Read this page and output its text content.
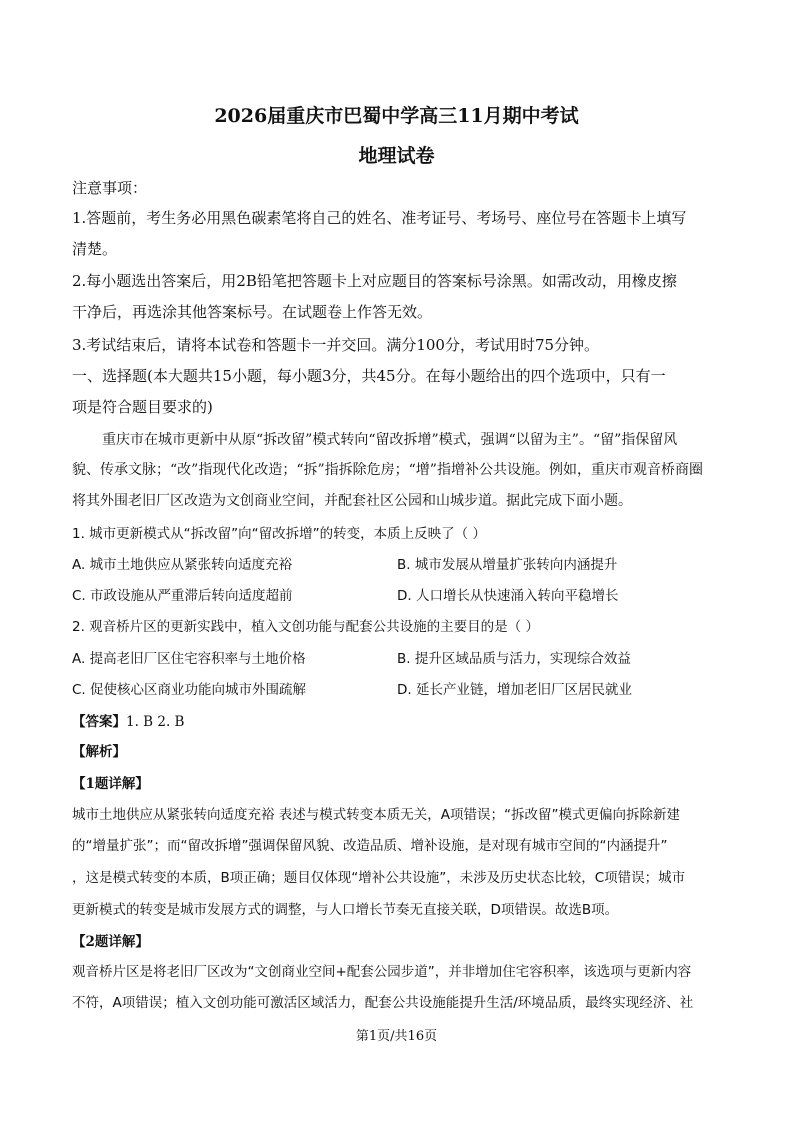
2026届重庆市巴蜀中学高三11月期中考试
地理试卷
注意事项：
1.答题前，考生务必用黑色碳素笔将自己的姓名、准考证号、考场号、座位号在答题卡上填写
清楚。
2.每小题选出答案后，用2B铅笔把答题卡上对应题目的答案标号涂黑。如需改动，用橡皮擦
干净后，再选涂其他答案标号。在试题卷上作答无效。
3.考试结束后，请将本试卷和答题卡一并交回。满分100分，考试用时75分钟。
一、选择题(本大题共15小题，每小题3分，共45分。在每小题给出的四个选项中，只有一
项是符合题目要求的)
重庆市在城市更新中从原“拆改留”模式转向“留改拆增”模式，强调“以留为主”。“留”指保留风
貌、传承文脉；“改”指现代化改造；“拆”指拆除危房；“增”指增补公共设施。例如，重庆市观音桥商圈
将其外围老旧厂区改造为文创商业空间，并配套社区公园和山城步道。据此完成下面小题。
1. 城市更新模式从“拆改留”向“留改拆增”的转变，本质上反映了（ ）
A. 城市土地供应从紧张转向适度充裕	B. 城市发展从增量扩张转向内涵提升
C. 市政设施从严重滞后转向适度超前	D. 人口增长从快速涌入转向平稳增长
2. 观音桥片区的更新实践中，植入文创功能与配套公共设施的主要目的是（ ）
A. 提高老旧厂区住宅容积率与土地价格	B. 提升区域品质与活力，实现综合效益
C. 促使核心区商业功能向城市外围疏解	D. 延长产业链，增加老旧厂区居民就业
【答案】1. B 2. B
【解析】
【1题详解】
城市土地供应从紧张转向适度充裕 表述与模式转变本质无关，A项错误；“拆改留”模式更偏向拆除新建
的“增量扩张”；而“留改拆增”强调保留风貌、改造品质、增补设施，是对现有城市空间的“内涵提升”
，这是模式转变的本质，B项正确；题目仅体现“增补公共设施”，未涉及历史状态比较，C项错误；城市
更新模式的转变是城市发展方式的调整，与人口增长节奏无直接关联，D项错误。故选B项。
【2题详解】
观音桥片区是将老旧厂区改为“文创商业空间+配套公园步道”，并非增加住宅容积率，该选项与更新内容
不符，A项错误；植入文创功能可激活区域活力，配套公共设施能提升生活/环境品质，最终实现经济、社
第1页/共16页
